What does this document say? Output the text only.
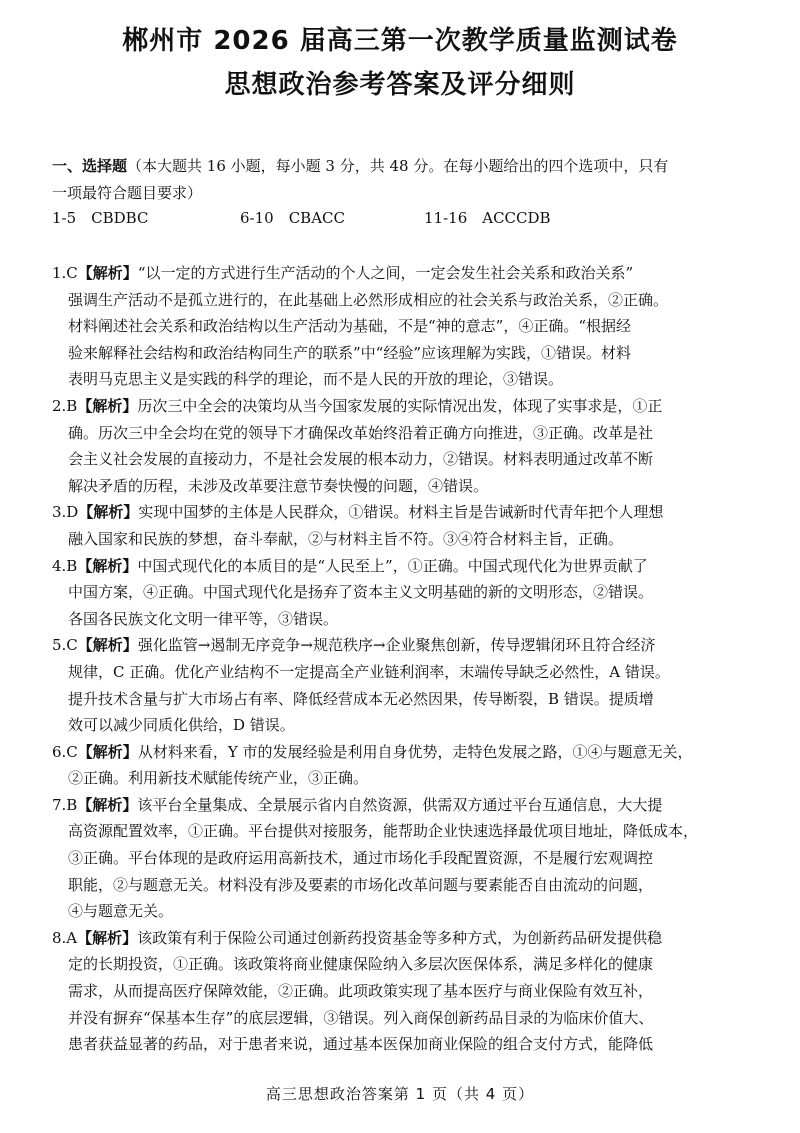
郴州市 2026 届高三第一次教学质量监测试卷
思想政治参考答案及评分细则
一、选择题（本大题共 16 小题，每小题 3 分，共 48 分。在每小题给出的四个选项中，只有
一项最符合题目要求）
1-5　CBDBC	6-10　CBACC	11-16　ACCCDB
1.C【解析】“以一定的方式进行生产活动的个人之间，一定会发生社会关系和政治关系”
强调生产活动不是孤立进行的，在此基础上必然形成相应的社会关系与政治关系，②正确。
材料阐述社会关系和政治结构以生产活动为基础，不是“神的意志”，④正确。“根据经
验来解释社会结构和政治结构同生产的联系”中“经验”应该理解为实践，①错误。材料
表明马克思主义是实践的科学的理论，而不是人民的开放的理论，③错误。
2.B【解析】历次三中全会的决策均从当今国家发展的实际情况出发，体现了实事求是，①正
确。历次三中全会均在党的领导下才确保改革始终沿着正确方向推进，③正确。改革是社
会主义社会发展的直接动力，不是社会发展的根本动力，②错误。材料表明通过改革不断
解决矛盾的历程，未涉及改革要注意节奏快慢的问题，④错误。
3.D【解析】实现中国梦的主体是人民群众，①错误。材料主旨是告诫新时代青年把个人理想
融入国家和民族的梦想，奋斗奉献，②与材料主旨不符。③④符合材料主旨，正确。
4.B【解析】中国式现代化的本质目的是“人民至上”，①正确。中国式现代化为世界贡献了
中国方案，④正确。中国式现代化是扬弃了资本主义文明基础的新的文明形态，②错误。
各国各民族文化文明一律平等，③错误。
5.C【解析】强化监管→遏制无序竞争→规范秩序→企业聚焦创新，传导逻辑闭环且符合经济
规律，C 正确。优化产业结构不一定提高全产业链利润率，末端传导缺乏必然性，A 错误。
提升技术含量与扩大市场占有率、降低经营成本无必然因果，传导断裂，B 错误。提质增
效可以减少同质化供给，D 错误。
6.C【解析】从材料来看，Y 市的发展经验是利用自身优势，走特色发展之路，①④与题意无关，
②正确。利用新技术赋能传统产业，③正确。
7.B【解析】该平台全量集成、全景展示省内自然资源，供需双方通过平台互通信息，大大提
高资源配置效率，①正确。平台提供对接服务，能帮助企业快速选择最优项目地址，降低成本，
③正确。平台体现的是政府运用高新技术，通过市场化手段配置资源，不是履行宏观调控
职能，②与题意无关。材料没有涉及要素的市场化改革问题与要素能否自由流动的问题，
④与题意无关。
8.A【解析】该政策有利于保险公司通过创新药投资基金等多种方式，为创新药品研发提供稳
定的长期投资，①正确。该政策将商业健康保险纳入多层次医保体系，满足多样化的健康
需求，从而提高医疗保障效能，②正确。此项政策实现了基本医疗与商业保险有效互补，
并没有摒弃“保基本生存”的底层逻辑，③错误。列入商保创新药品目录的为临床价值大、
患者获益显著的药品，对于患者来说，通过基本医保加商业保险的组合支付方式，能降低
高三思想政治答案第 1 页（共 4 页）
